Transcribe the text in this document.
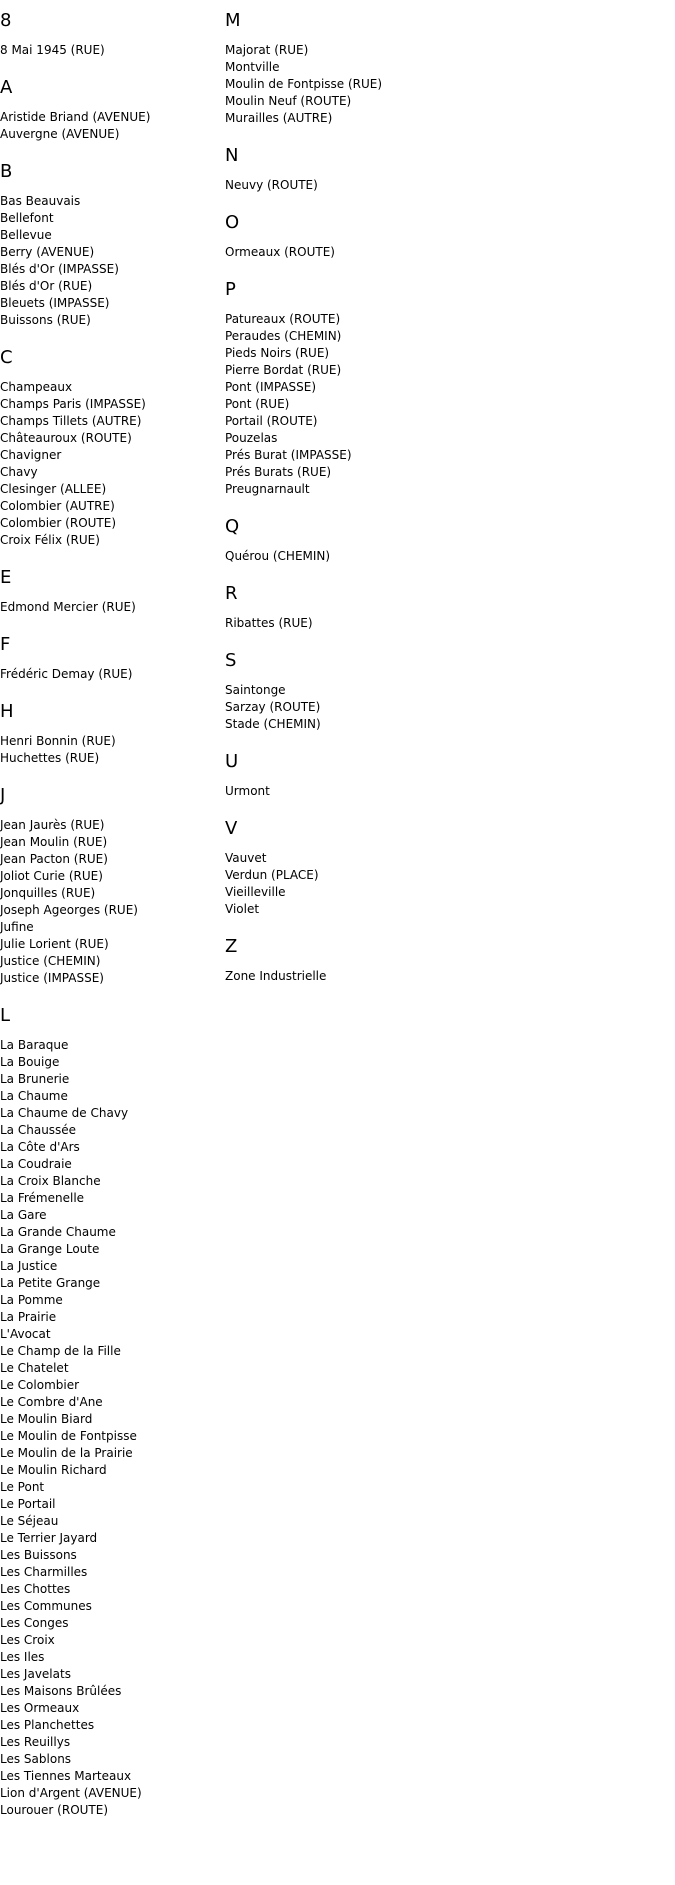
8
8 Mai 1945 (RUE)
A
Aristide Briand (AVENUE)
Auvergne (AVENUE)
B
Bas Beauvais
Bellefont
Bellevue
Berry (AVENUE)
Blés d'Or (IMPASSE)
Blés d'Or (RUE)
Bleuets (IMPASSE)
Buissons (RUE)
C
Champeaux
Champs Paris (IMPASSE)
Champs Tillets (AUTRE)
Châteauroux (ROUTE)
Chavigner
Chavy
Clesinger (ALLEE)
Colombier (AUTRE)
Colombier (ROUTE)
Croix Félix (RUE)
E
Edmond Mercier (RUE)
F
Frédéric Demay (RUE)
H
Henri Bonnin (RUE)
Huchettes (RUE)
J
Jean Jaurès (RUE)
Jean Moulin (RUE)
Jean Pacton (RUE)
Joliot Curie (RUE)
Jonquilles (RUE)
Joseph Ageorges (RUE)
Jufine
Julie Lorient (RUE)
Justice (CHEMIN)
Justice (IMPASSE)
L
La Baraque
La Bouige
La Brunerie
La Chaume
La Chaume de Chavy
La Chaussée
La Côte d'Ars
La Coudraie
La Croix Blanche
La Frémenelle
La Gare
La Grande Chaume
La Grange Loute
La Justice
La Petite Grange
La Pomme
La Prairie
L'Avocat
Le Champ de la Fille
Le Chatelet
Le Colombier
Le Combre d'Ane
Le Moulin Biard
Le Moulin de Fontpisse
Le Moulin de la Prairie
Le Moulin Richard
Le Pont
Le Portail
Le Séjeau
Le Terrier Jayard
Les Buissons
Les Charmilles
Les Chottes
Les Communes
Les Conges
Les Croix
Les Iles
Les Javelats
Les Maisons Brûlées
Les Ormeaux
Les Planchettes
Les Reuillys
Les Sablons
Les Tiennes Marteaux
Lion d'Argent (AVENUE)
Lourouer (ROUTE)
M
Majorat (RUE)
Montville
Moulin de Fontpisse (RUE)
Moulin Neuf (ROUTE)
Murailles (AUTRE)
N
Neuvy (ROUTE)
O
Ormeaux (ROUTE)
P
Patureaux (ROUTE)
Peraudes (CHEMIN)
Pieds Noirs (RUE)
Pierre Bordat (RUE)
Pont (IMPASSE)
Pont (RUE)
Portail (ROUTE)
Pouzelas
Prés Burat (IMPASSE)
Prés Burats (RUE)
Preugnarnault
Q
Quérou (CHEMIN)
R
Ribattes (RUE)
S
Saintonge
Sarzay (ROUTE)
Stade (CHEMIN)
U
Urmont
V
Vauvet
Verdun (PLACE)
Vieilleville
Violet
Z
Zone Industrielle
